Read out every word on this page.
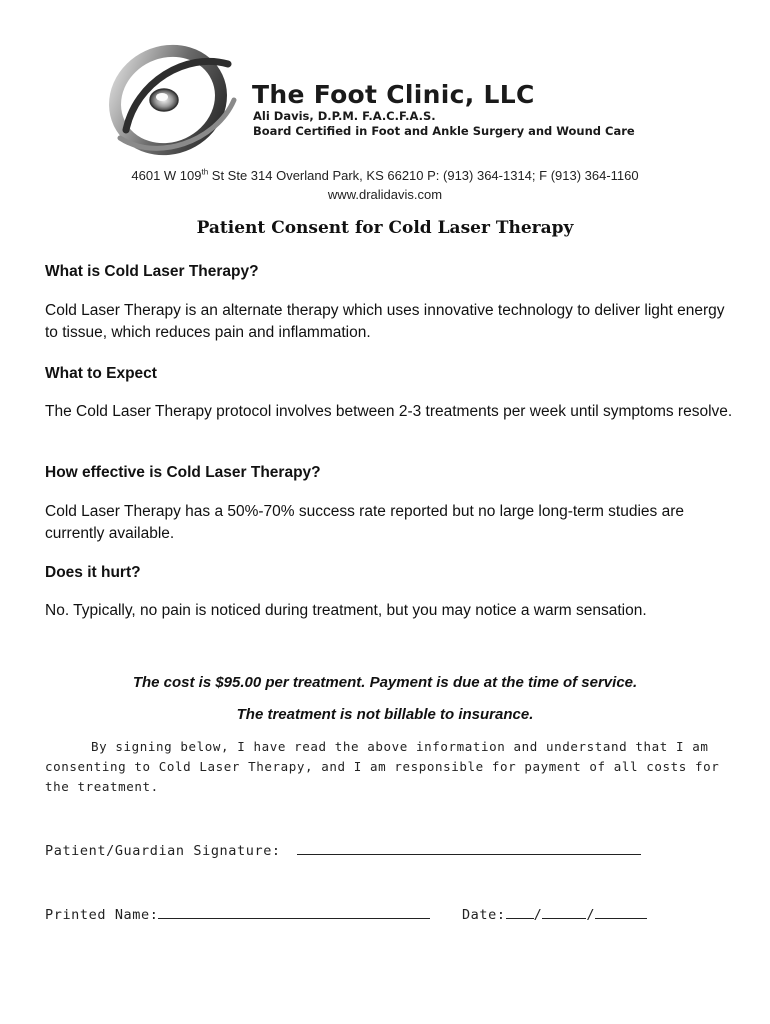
The Foot Clinic, LLC
Ali Davis, D.P.M. F.A.C.F.A.S.
Board Certified in Foot and Ankle Surgery and Wound Care
4601 W 109th St Ste 314 Overland Park, KS 66210 P: (913) 364-1314; F (913) 364-1160
www.dralidavis.com
Patient Consent for Cold Laser Therapy
What is Cold Laser Therapy?
Cold Laser Therapy is an alternate therapy which uses innovative technology to deliver light energy to tissue, which reduces pain and inflammation.
What to Expect
The Cold Laser Therapy protocol involves between 2-3 treatments per week until symptoms resolve.
How effective is Cold Laser Therapy?
Cold Laser Therapy has a 50%-70% success rate reported but no large long-term studies are currently available.
Does it hurt?
No. Typically, no pain is noticed during treatment, but you may notice a warm sensation.
The cost is $95.00 per treatment. Payment is due at the time of service.
The treatment is not billable to insurance.
By signing below, I have read the above information and understand that I am consenting to Cold Laser Therapy, and I am responsible for payment of all costs for the treatment.
Patient/Guardian Signature:
Printed Name:	Date: /	/
